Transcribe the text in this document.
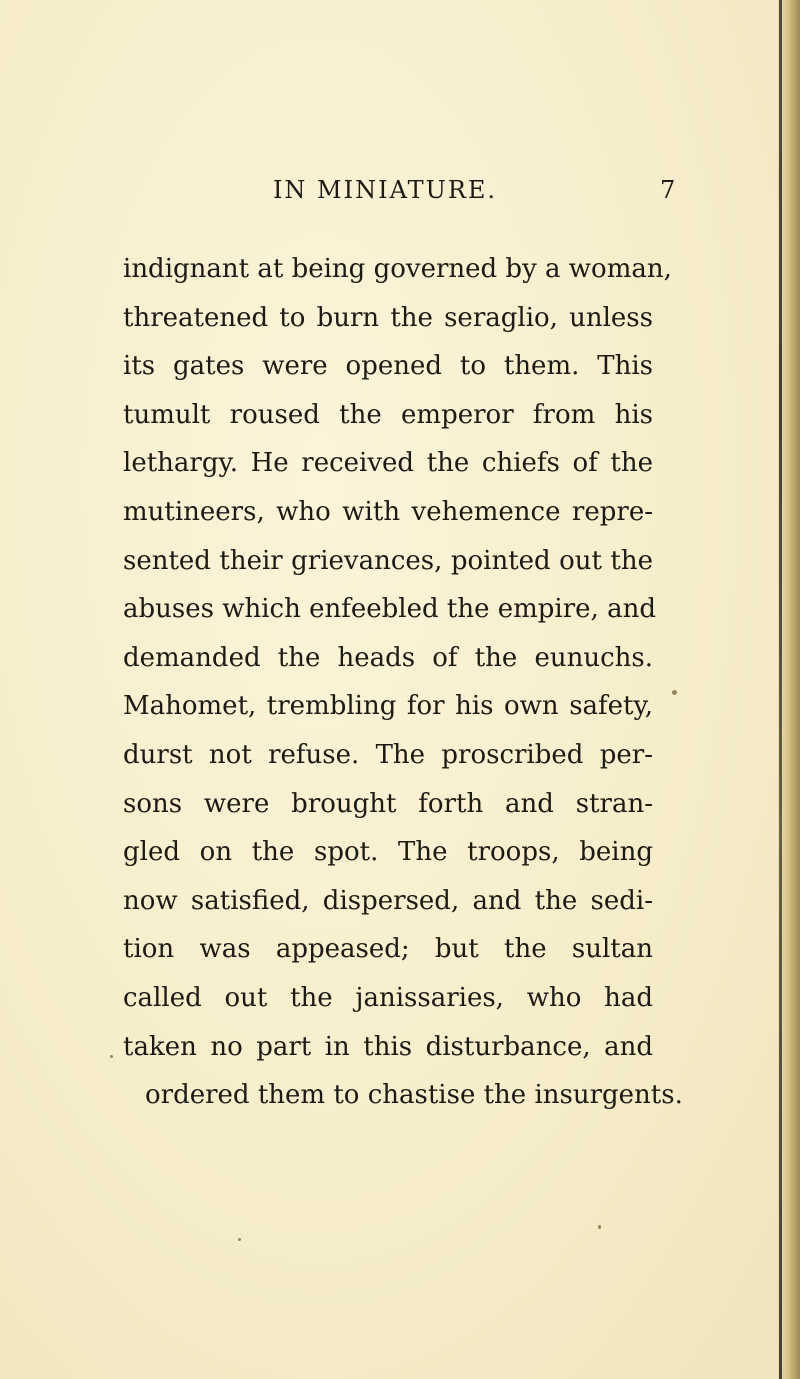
IN MINIATURE.	7
indignant at being governed by a woman,
threatened to burn the seraglio, unless
its gates were opened to them. This
tumult roused the emperor from his
lethargy. He received the chiefs of the
mutineers, who with vehemence repre-
sented their grievances, pointed out the
abuses which enfeebled the empire, and
demanded the heads of the eunuchs.
Mahomet, trembling for his own safety,
durst not refuse. The proscribed per-
sons were brought forth and stran-
gled on the spot. The troops, being
now satisfied, dispersed, and the sedi-
tion was appeased; but the sultan
called out the janissaries, who had
taken no part in this disturbance, and
ordered them to chastise the insurgents.
